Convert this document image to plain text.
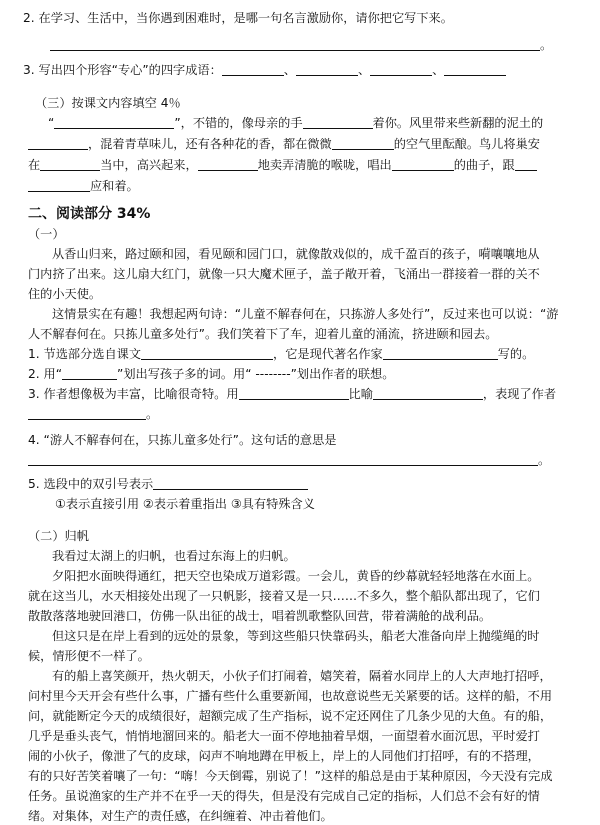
2. 在学习、生活中，当你遇到困难时，是哪一句名言激励你，请你把它写下来。
。
3. 写出四个形容“专心”的四字成语：	、	、	、
（三）按课文内容填空 4％
“	”，不错的，像母亲的手	着你。风里带来些新翻的泥土的
，混着青草味儿，还有各种花的香，都在微微	的空气里酝酿。鸟儿将巢安
在	当中，高兴起来，	地卖弄清脆的喉咙，唱出	的曲子，跟
应和着。
二、阅读部分 34%
（一）
从香山归来，路过颐和园，看见颐和园门口，就像散戏似的，成千盈百的孩子，嗬嚷嚷地从
门内挤了出来。这儿扇大红门，就像一只大魔术匣子，盖子敞开着，飞涌出一群接着一群的关不
住的小天使。
这情景实在有趣！我想起两句诗：“儿童不解春何在，只拣游人多处行”，反过来也可以说：“游
人不解春何在。只拣儿童多处行”。我们笑着下了车，迎着儿童的涌流，挤进颐和园去。
1. 节选部分选自课文	，它是现代著名作家	写的。
2. 用“	”划出写孩子多的词。用“ --------”划出作者的联想。
3. 作者想像极为丰富，比喻很奇特。用	比喻	，表现了作者
。
4. “游人不解春何在，只拣儿童多处行”。这句话的意思是
。
5. 选段中的双引号表示
①表示直接引用 ②表示着重指出 ③具有特殊含义
（二）归帆
我看过太湖上的归帆，也看过东海上的归帆。
夕阳把水面映得通红，把天空也染成万道彩霞。一会儿，黄昏的纱幕就轻轻地落在水面上。
就在这当儿，水天相接处出现了一只帆影，接着又是一只……不多久，整个船队都出现了，它们
散散落落地驶回港口，仿佛一队出征的战士，唱着凯歌整队回营，带着满舱的战利品。
但这只是在岸上看到的远处的景象，等到这些船只快靠码头，船老大准备向岸上抛缆绳的时
候，情形便不一样了。
有的船上喜笑颜开，热火朝天，小伙子们打闹着，嬉笑着，隔着水同岸上的人大声地打招呼，
问村里今天开会有些什么事，广播有些什么重要新闻，也故意说些无关紧要的话。这样的船，不用
问，就能断定今天的成绩很好，超额完成了生产指标，说不定还网住了几条少见的大鱼。有的船，
几乎是垂头丧气，悄悄地溜回来的。船老大一面不停地抽着旱烟，一面望着水面沉思，平时爱打
闹的小伙子，像泄了气的皮球，闷声不响地蹲在甲板上，岸上的人同他们打招呼，有的不搭理，
有的只好苦笑着嚷了一句：“嗨！今天倒霉，别说了！”这样的船总是由于某种原因，今天没有完成
任务。虽说渔家的生产并不在乎一天的得失，但是没有完成自己定的指标，人们总不会有好的情
绪。对集体，对生产的责任感，在纠缠着、冲击着他们。
